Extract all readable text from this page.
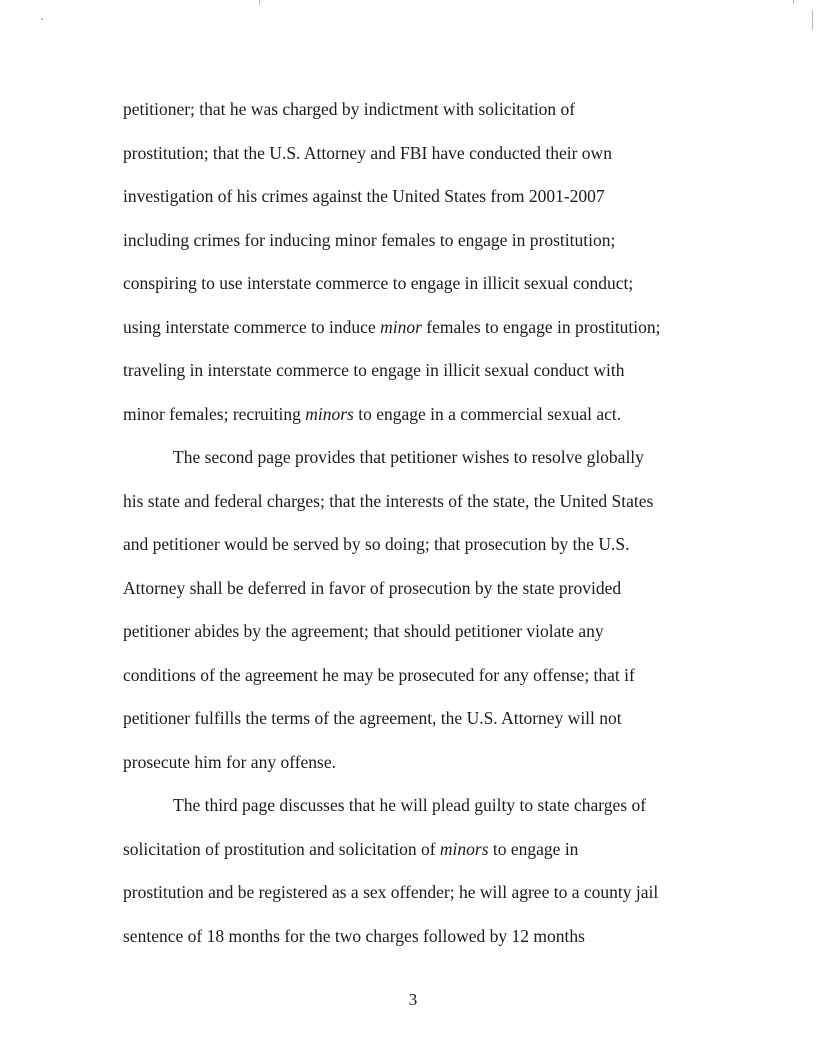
petitioner; that he was charged by indictment with solicitation of

prostitution; that the U.S. Attorney and FBI have conducted their own

investigation of his crimes against the United States from 2001-2007

including crimes for inducing minor females to engage in prostitution;

conspiring to use interstate commerce to engage in illicit sexual conduct;

using interstate commerce to induce minor females to engage in prostitution;

traveling in interstate commerce to engage in illicit sexual conduct with

minor females; recruiting minors to engage in a commercial sexual act.

The second page provides that petitioner wishes to resolve globally

his state and federal charges; that the interests of the state, the United States

and petitioner would be served by so doing; that prosecution by the U.S.

Attorney shall be deferred in favor of prosecution by the state provided

petitioner abides by the agreement; that should petitioner violate any

conditions of the agreement he may be prosecuted for any offense; that if

petitioner fulfills the terms of the agreement, the U.S. Attorney will not

prosecute him for any offense.

The third page discusses that he will plead guilty to state charges of

solicitation of prostitution and solicitation of minors to engage in

prostitution and be registered as a sex offender; he will agree to a county jail

sentence of 18 months for the two charges followed by 12 months

3
